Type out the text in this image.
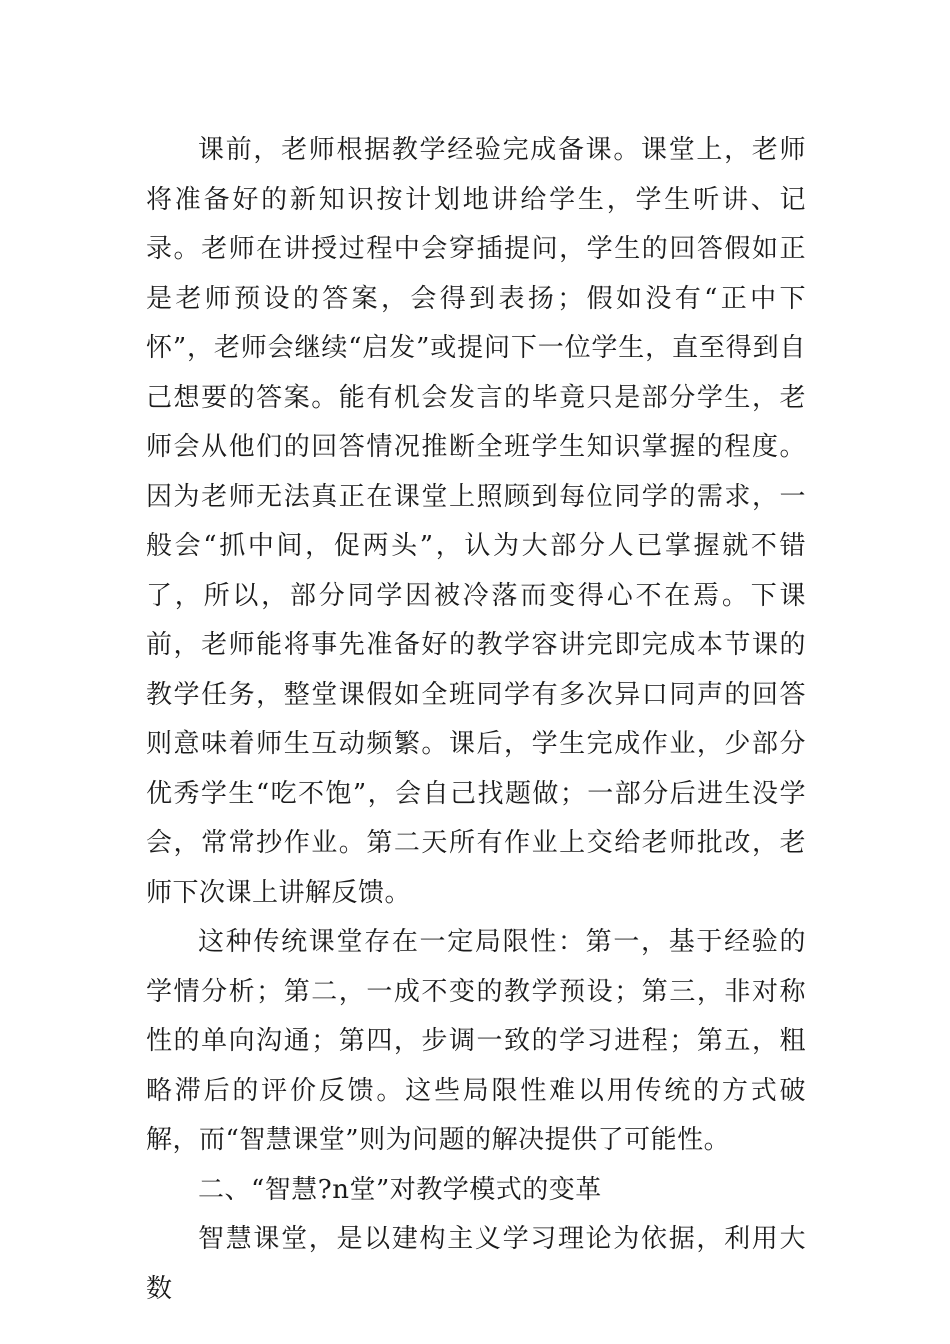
课前，老师根据教学经验完成备课。课堂上，老师将准备好的新知识按计划地讲给学生，学生听讲、记录。老师在讲授过程中会穿插提问，学生的回答假如正是老师预设的答案，会得到表扬；假如没有“正中下怀”，老师会继续“启发”或提问下一位学生，直至得到自己想要的答案。能有机会发言的毕竟只是部分学生，老师会从他们的回答情况推断全班学生知识掌握的程度。因为老师无法真正在课堂上照顾到每位同学的需求，一般会“抓中间，促两头”，认为大部分人已掌握就不错了，所以，部分同学因被冷落而变得心不在焉。下课前，老师能将事先准备好的教学容讲完即完成本节课的教学任务，整堂课假如全班同学有多次异口同声的回答则意味着师生互动频繁。课后，学生完成作业，少部分优秀学生“吃不饱”，会自己找题做；一部分后进生没学会，常常抄作业。第二天所有作业上交给老师批改，老师下次课上讲解反馈。

这种传统课堂存在一定局限性：第一，基于经验的学情分析；第二，一成不变的教学预设；第三，非对称性的单向沟通；第四，步调一致的学习进程；第五，粗略滞后的评价反馈。这些局限性难以用传统的方式破解，而“智慧课堂”则为问题的解决提供了可能性。

二、“智慧?n堂”对教学模式的变革

智慧课堂，是以建构主义学习理论为依据，利用大数
